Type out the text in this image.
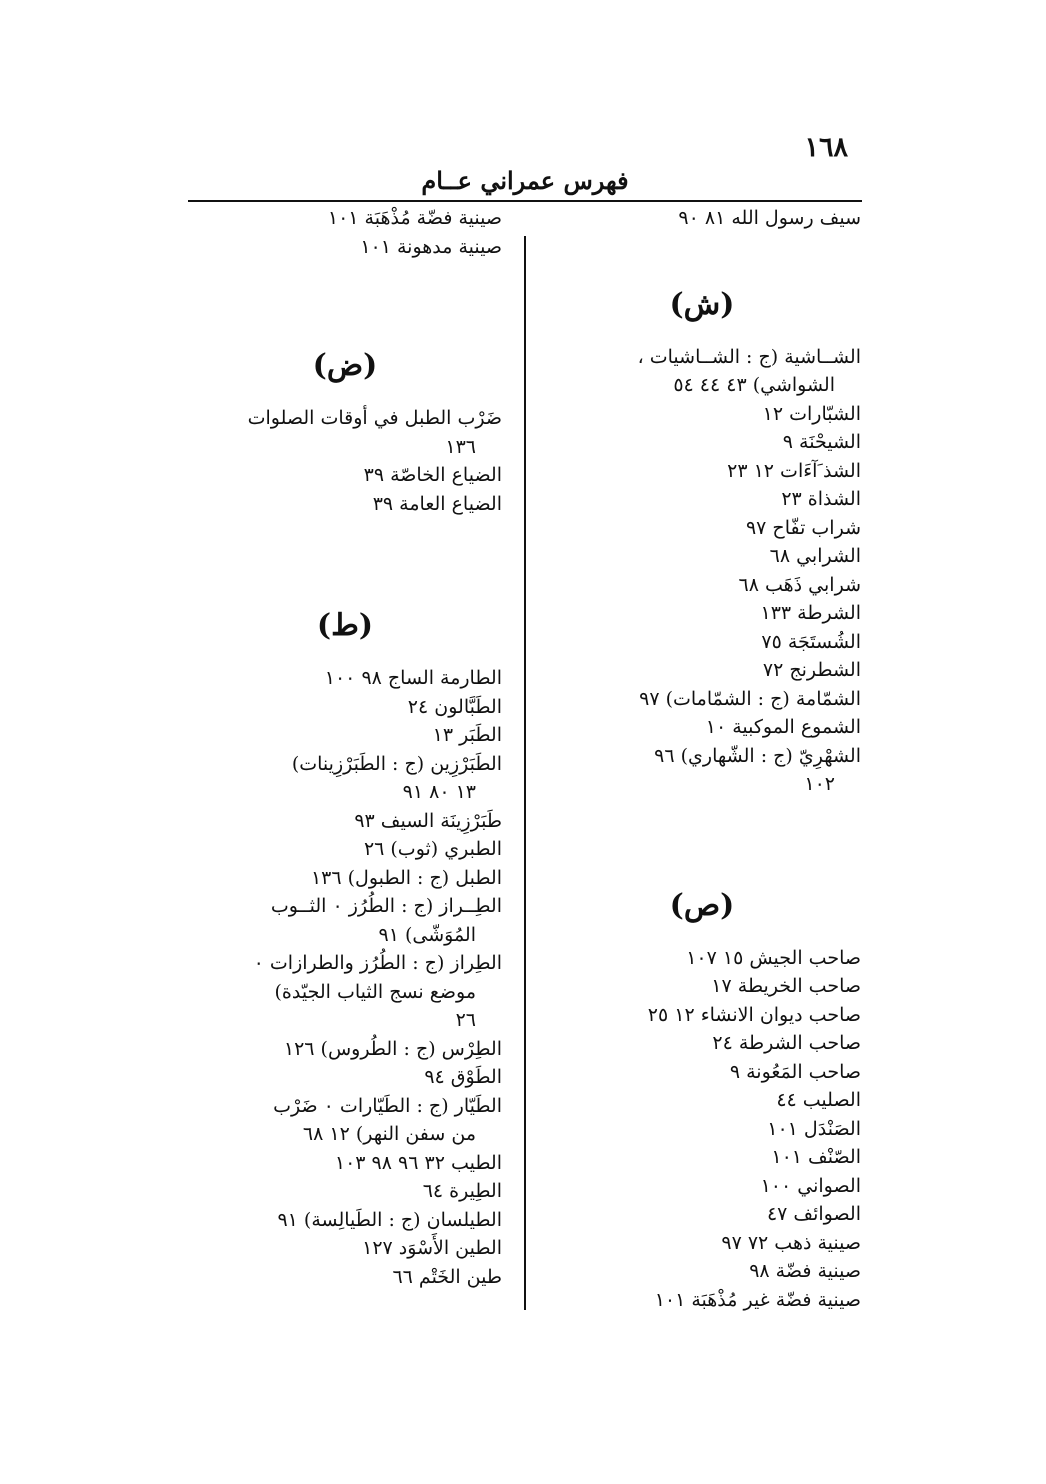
١٦٨
فهرس عمراني عــام
سيف رسول الله ٨١ ٩٠
(ش)
الشــاشية (ج : الشــاشيات ،
الشواشي) ٤٣ ٤٤ ٥٤
الشبّارات ١٢
الشيحْنَة ٩
الشذ َآءَات ١٢ ٢٣
الشذاة ٢٣
شراب تفّاح ٩٧
الشرابي ٦٨
شرابي ذَهَب ٦٨
الشرطة ١٣٣
الشُستَجَة ٧٥
الشطرنج ٧٢
الشمّامة (ج : الشمّامات) ٩٧
الشموع الموكبية ١٠
الشهْرِيّ (ج : الشّهاري) ٩٦
١٠٢
(ص)
صاحب الجيش ١٥ ١٠٧
صاحب الخريطة ١٧
صاحب ديوان الانشاء ١٢ ٢٥
صاحب الشرطة ٢٤
صاحب المَعُونة ٩
الصليب ٤٤
الصَنْدَل ١٠١
الصّنْف ١٠١
الصواني ١٠٠
الصوائف ٤٧
صينية ذهب ٧٢ ٩٧
صينية فضّة ٩٨
صينية فضّة غير مُذْهَبَة ١٠١
صينية فضّة مُذْهَبَة ١٠١
صينية مدهونة ١٠١
(ض)
ضَرْب الطبل في أوقات الصلوات
١٣٦
الضياع الخاصّة ٣٩
الضياع العامة ٣٩
(ط)
الطارمة الساج ٩٨ ١٠٠
الطَبَّالون ٢٤
الطَبَر ١٣
الطَبَرْزِين (ج : الطَبَرْزِينات)
١٣ ٨٠ ٩١
طَبَرْزِينَة السيف ٩٣
الطبري (ثوب) ٢٦
الطبل (ج : الطبول) ١٣٦
الطِــراز (ج : الطُرُز ٠ الثــوب
المُوَشّى) ٩١
الطِراز (ج : الطُرُز والطرازات ٠
موضع نسج الثياب الجيّدة)
٢٦
الطِرْس (ج : الطُروس) ١٢٦
الطَوْق ٩٤
الطَيّار (ج : الطَيّارات ٠ ضَرْب
من سفن النهر) ١٢ ٦٨
الطيب ٣٢ ٩٦ ٩٨ ١٠٣
الطِيرة ٦٤
الطيلسان (ج : الطَيالِسة) ٩١
الطين الأَسْوَد ١٢٧
طين الخَتْم ٦٦
